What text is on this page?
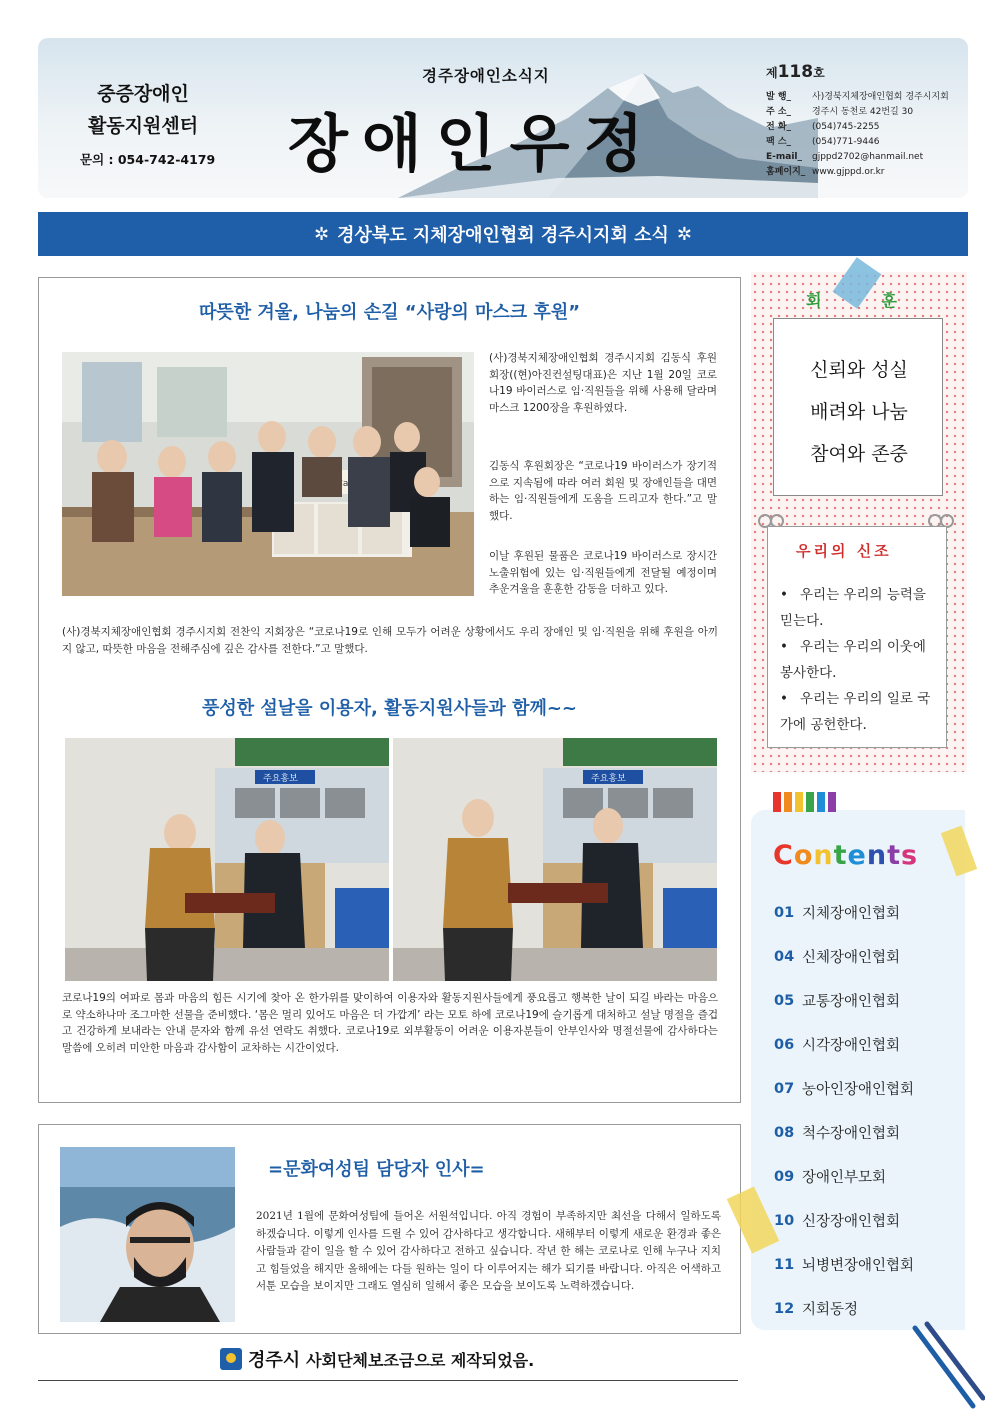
중증장애인
활동지원센터
문의 : 054-742-4179
경주장애인소식지
장애인우정
제118호
발 행_	사)경북지체장애인협회 경주시지회
주 소_	경주시 동천로 42번길 30
전 화_	(054)745-2255
팩 스_	(054)771-9446
E-mail_	gjppd2702@hanmail.net
홈페이지_ www.gjppd.or.kr
✲ 경상북도 지체장애인협회 경주시지회 소식 ✲
따뜻한 겨울, 나눔의 손길 “사랑의 마스크 후원”
Care
(사)경북지체장애인협회 경주시지회 김동식 후원회장((현)아진컨설팅대표)은 지난 1월 20일 코로나19 바이러스로 임·직원들을 위해 사용해 달라며 마스크 1200장을 후원하였다.
김동식 후원회장은 “코로나19 바이러스가 장기적으로 지속됨에 따라 여러 회원 및 장애인들을 대면하는 임·직원들에게 도움을 드리고자 한다.”고 말했다.
이날 후원된 물품은 코로나19 바이러스로 장시간 노출위험에 있는 임·직원들에게 전달될 예정이며 추운겨울을 훈훈한 감동을 더하고 있다.
(사)경북지체장애인협회 경주시지회 전찬익 지회장은 “코로나19로 인해 모두가 어려운 상황에서도 우리 장애인 및 임·직원을 위해 후원을 아끼지 않고, 따뜻한 마음을 전해주심에 깊은 감사를 전한다.”고 말했다.
풍성한 설날을 이용자, 활동지원사들과 함께~~
주요홍보	주요홍보
코로나19의 여파로 몸과 마음의 힘든 시기에 찾아 온 한가위를 맞이하여 이용자와 활동지원사들에게 풍요롭고 행복한 날이 되길 바라는 마음으로 약소하나마 조그마한 선물을 준비했다. ‘몸은 멀리 있어도 마음은 더 가깝게’ 라는 모토 하에 코로나19에 슬기롭게 대처하고 설날 명절을 즐겁고 건강하게 보내라는 안내 문자와 함께 유선 연락도 취했다. 코로나19로 외부활동이 어려운 이용자분들이 안부인사와 명절선물에 감사하다는 말씀에 오히려 미안한 마음과 감사함이 교차하는 시간이었다.
=문화여성팀 담당자 인사=
2021년 1월에 문화여성팀에 들어온 서원석입니다. 아직 경험이 부족하지만 최선을 다해서 일하도록 하겠습니다. 이렇게 인사를 드릴 수 있어 감사하다고 생각합니다. 새해부터 이렇게 새로운 환경과 좋은 사람들과 같이 일을 할 수 있어 감사하다고 전하고 싶습니다. 작년 한 해는 코로나로 인해 누구나 지치고 힘들었을 해지만 올해에는 다들 원하는 일이 다 이루어지는 해가 되기를 바랍니다. 아직은 어색하고 서툰 모습을 보이지만 그래도 열심히 일해서 좋은 모습을 보이도록 노력하겠습니다.
경주시 사회단체보조금으로 제작되었음.
회훈
신뢰와 성실
배려와 나눔
참여와 존중
우리의 신조
• 우리는 우리의 능력을 믿는다.
• 우리는 우리의 이웃에 봉사한다.
• 우리는 우리의 일로 국가에 공헌한다.
Contents
01 지체장애인협회
04 신체장애인협회
05 교통장애인협회
06 시각장애인협회
07 농아인장애인협회
08 척수장애인협회
09 장애인부모회
10 신장장애인협회
11 뇌병변장애인협회
12 지회동정
